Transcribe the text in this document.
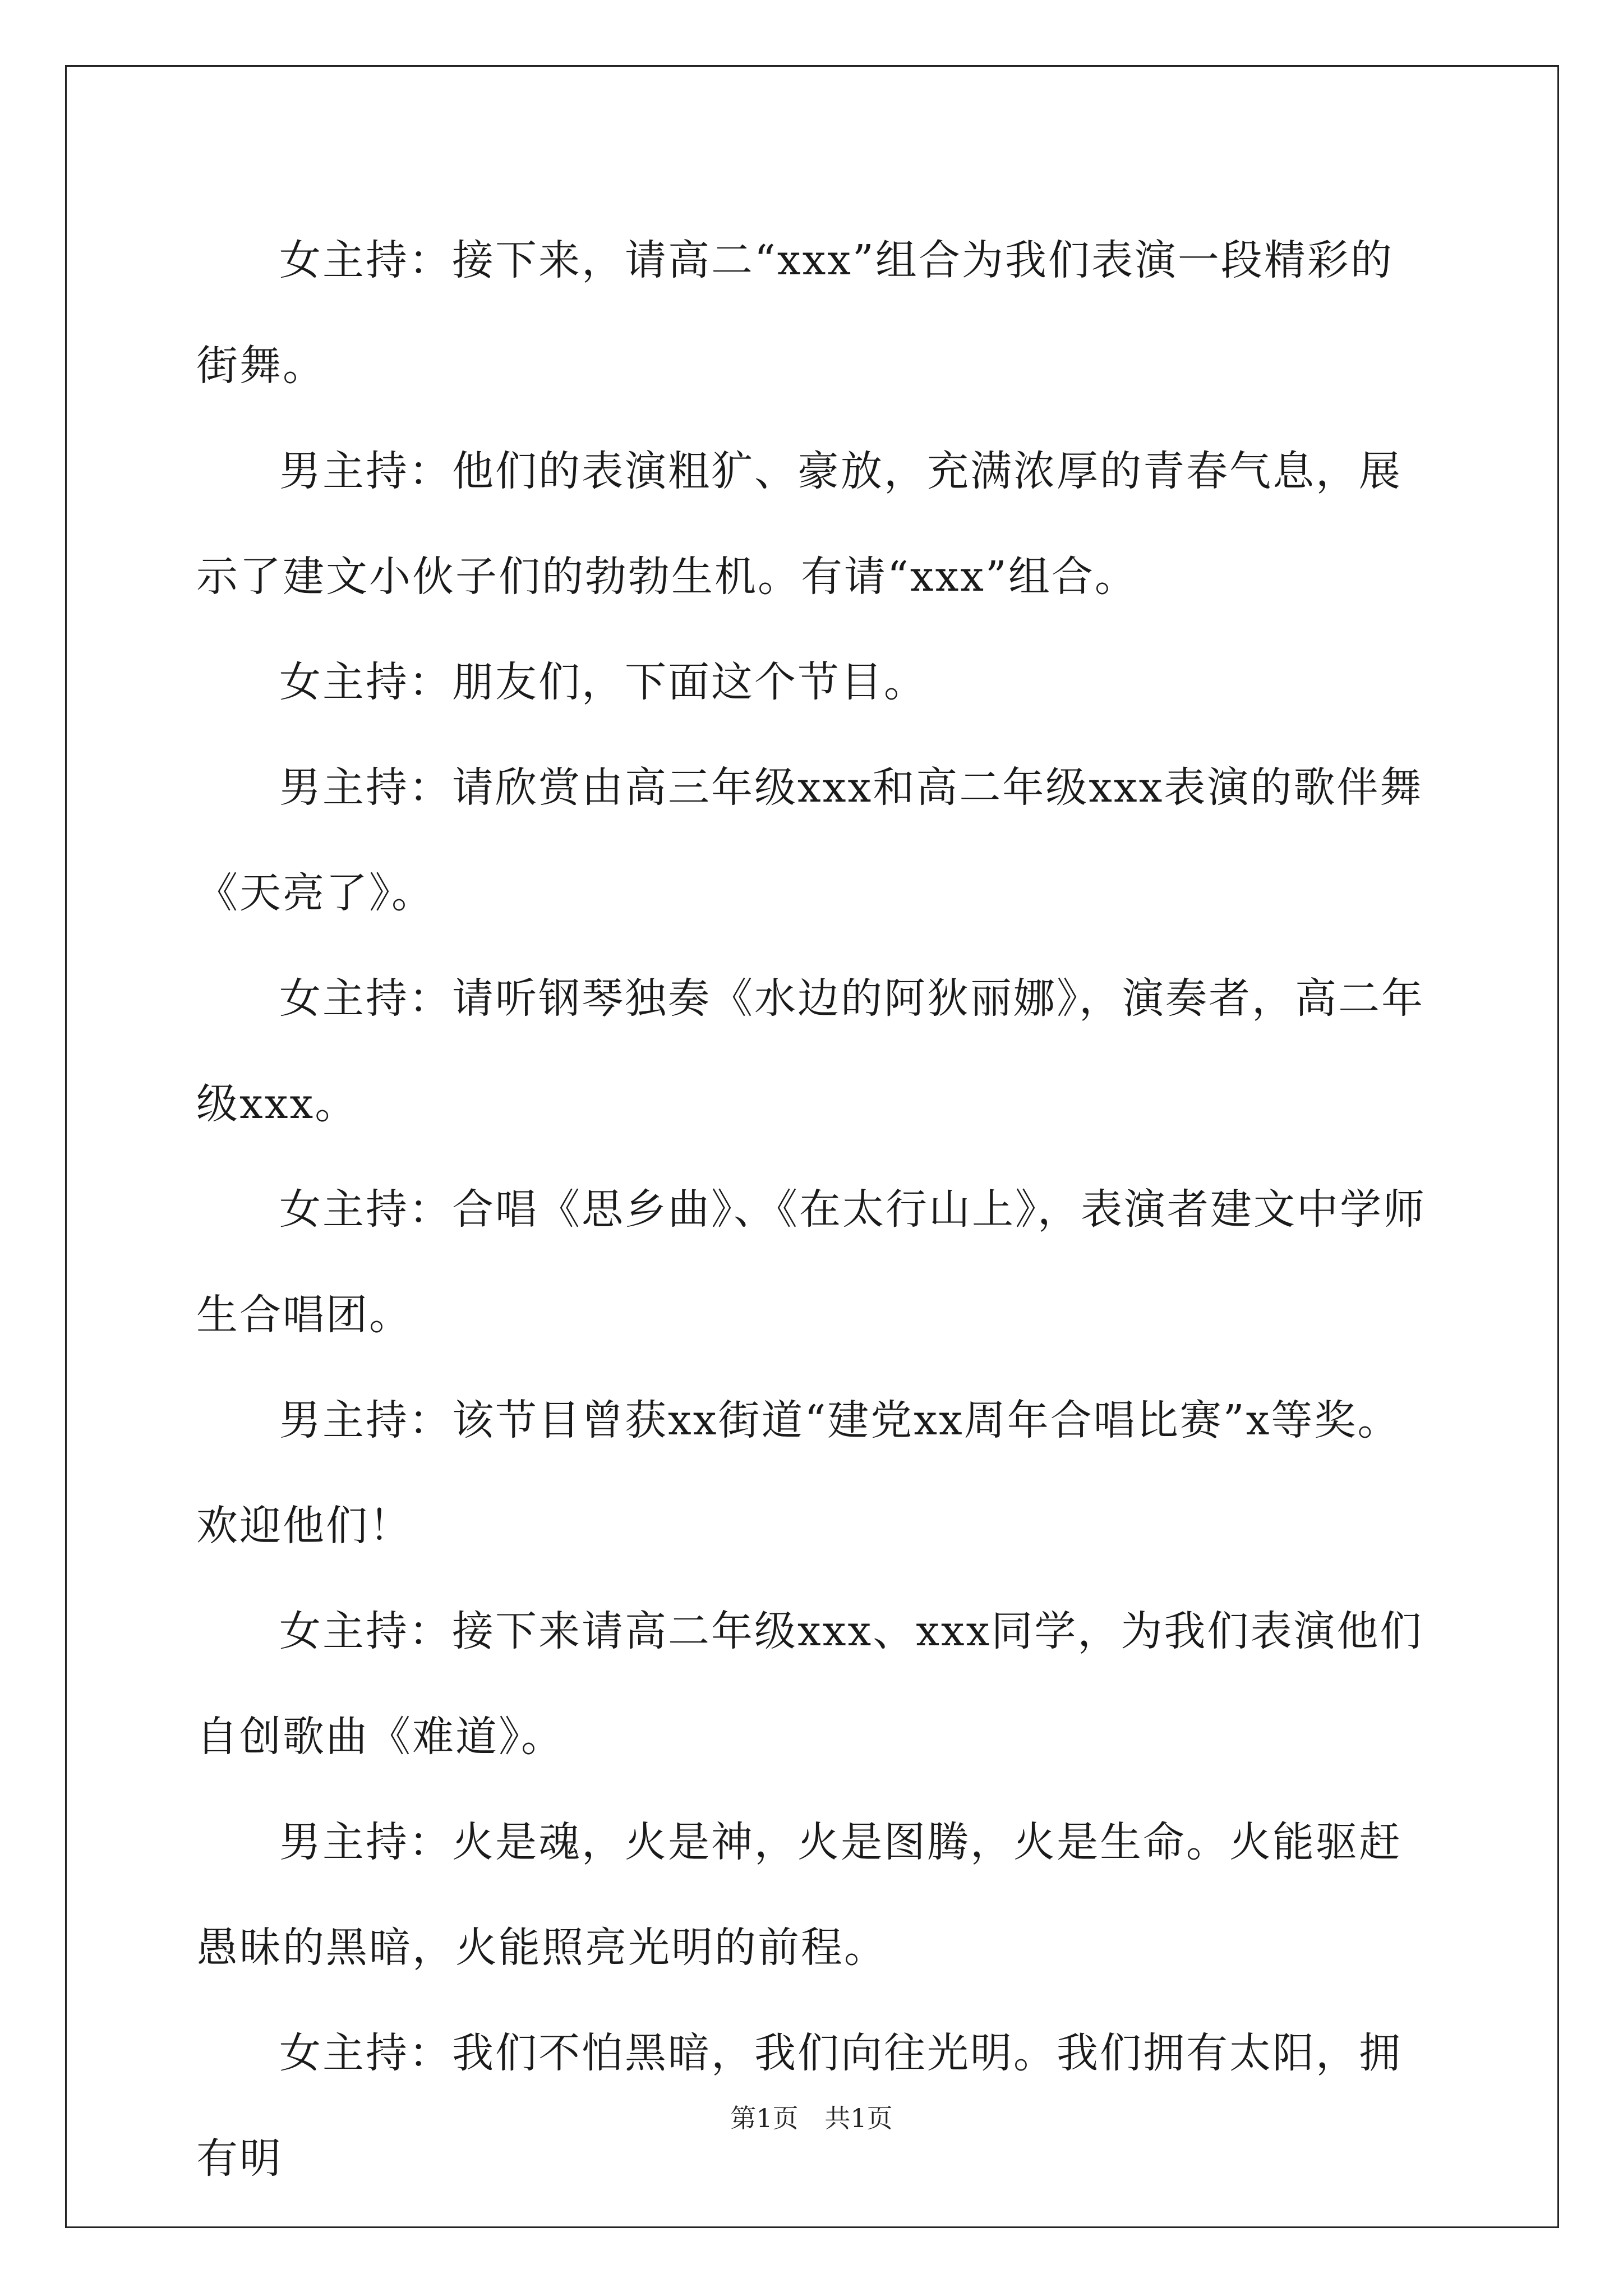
女主持：接下来，请高二“xxx”组合为我们表演一段精彩的街舞。

男主持：他们的表演粗犷、豪放，充满浓厚的青春气息，展示了建文小伙子们的勃勃生机。有请“xxx”组合。

女主持：朋友们，下面这个节目。

男主持：请欣赏由高三年级xxx和高二年级xxx表演的歌伴舞《天亮了》。

女主持：请听钢琴独奏《水边的阿狄丽娜》，演奏者，高二年级xxx。

女主持：合唱《思乡曲》、《在太行山上》，表演者建文中学师生合唱团。

男主持：该节目曾获xx街道“建党xx周年合唱比赛”x等奖。欢迎他们！

女主持：接下来请高二年级xxx、xxx同学，为我们表演他们自创歌曲《难道》。

男主持：火是魂，火是神，火是图腾，火是生命。火能驱赶愚昧的黑暗，火能照亮光明的前程。

女主持：我们不怕黑暗，我们向往光明。我们拥有太阳，拥有明

第1页 共1页
